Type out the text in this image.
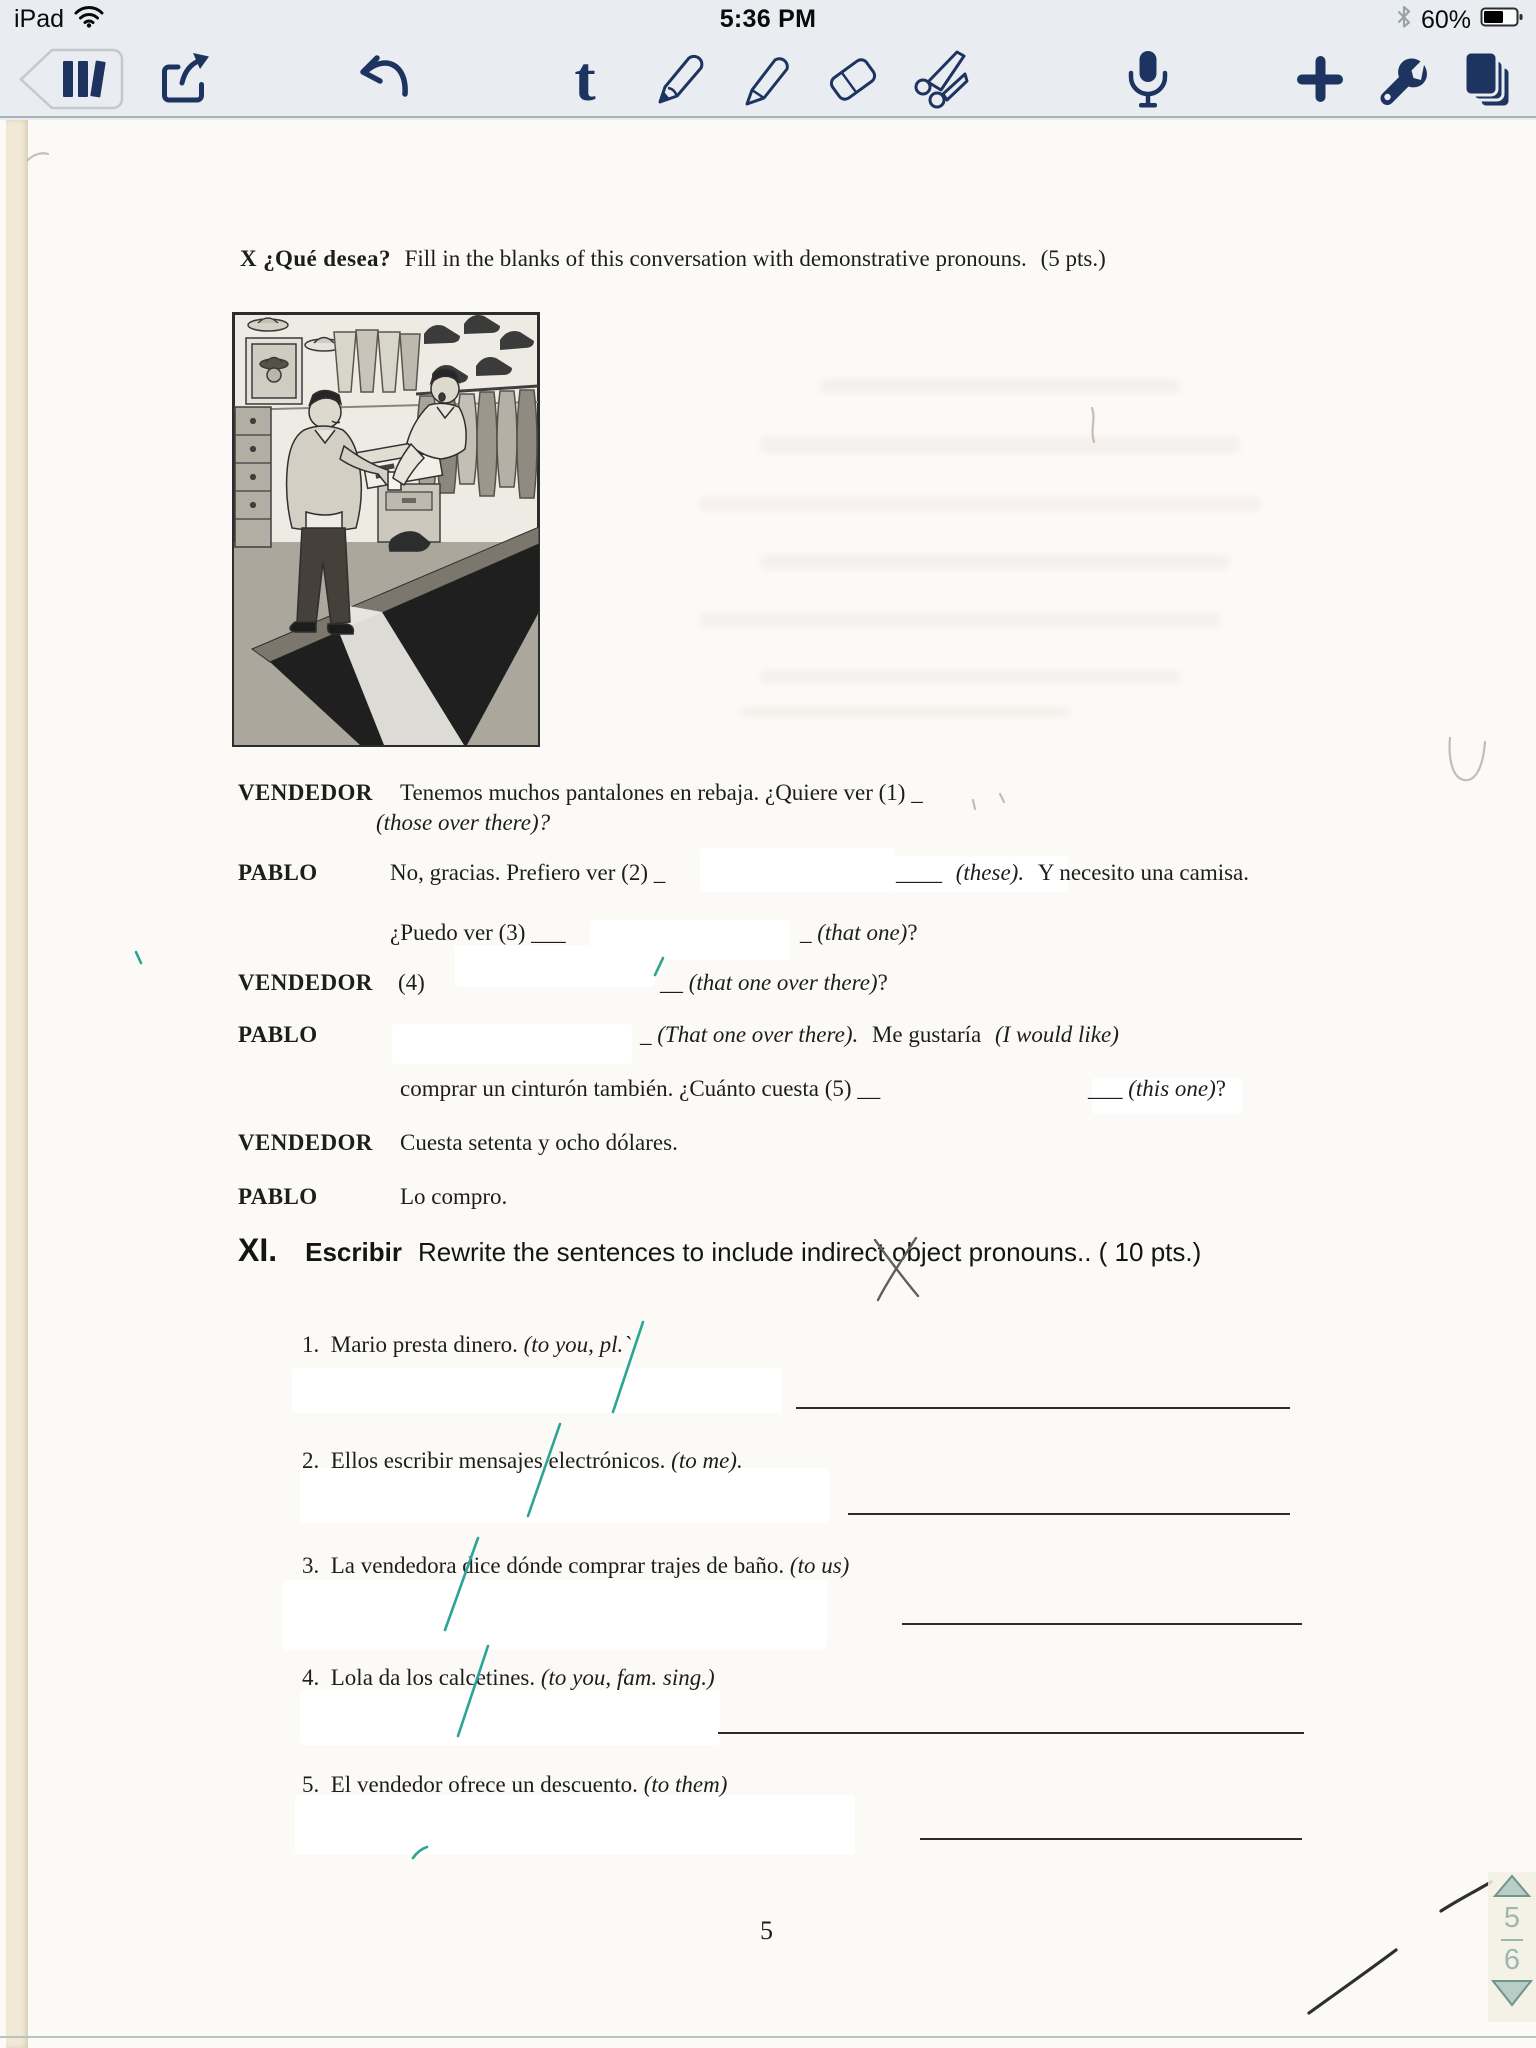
iPad	5:36 PM	60%
t
X ¿Qué desea? Fill in the blanks of this conversation with demonstrative pronouns. (5 pts.)
VENDEDOR Tenemos muchos pantalones en rebaja. ¿Quiere ver (1) _
(those over there)?
PABLO	No, gracias. Prefiero ver (2) _	____ (these). Y necesito una camisa.
¿Puedo ver (3) ___	_ (that one)?
VENDEDOR (4)	__ (that one over there)?
PABLO	_ (That one over there). Me gustaría (I would like)
comprar un cinturón también. ¿Cuánto cuesta (5) __	___ (this one)?
VENDEDOR Cuesta setenta y ocho dólares.
PABLO	Lo compro.
XI. Escribir Rewrite the sentences to include indirect object pronouns.. ( 10 pts.)
1. Mario presta dinero. (to you, pl.`
2. Ellos escribir mensajes electrónicos. (to me).
3. La vendedora dice dónde comprar trajes de baño. (to us)
4. Lola da los calcetines. (to you, fam. sing.)
5. El vendedor ofrece un descuento. (to them)
5	5
6
